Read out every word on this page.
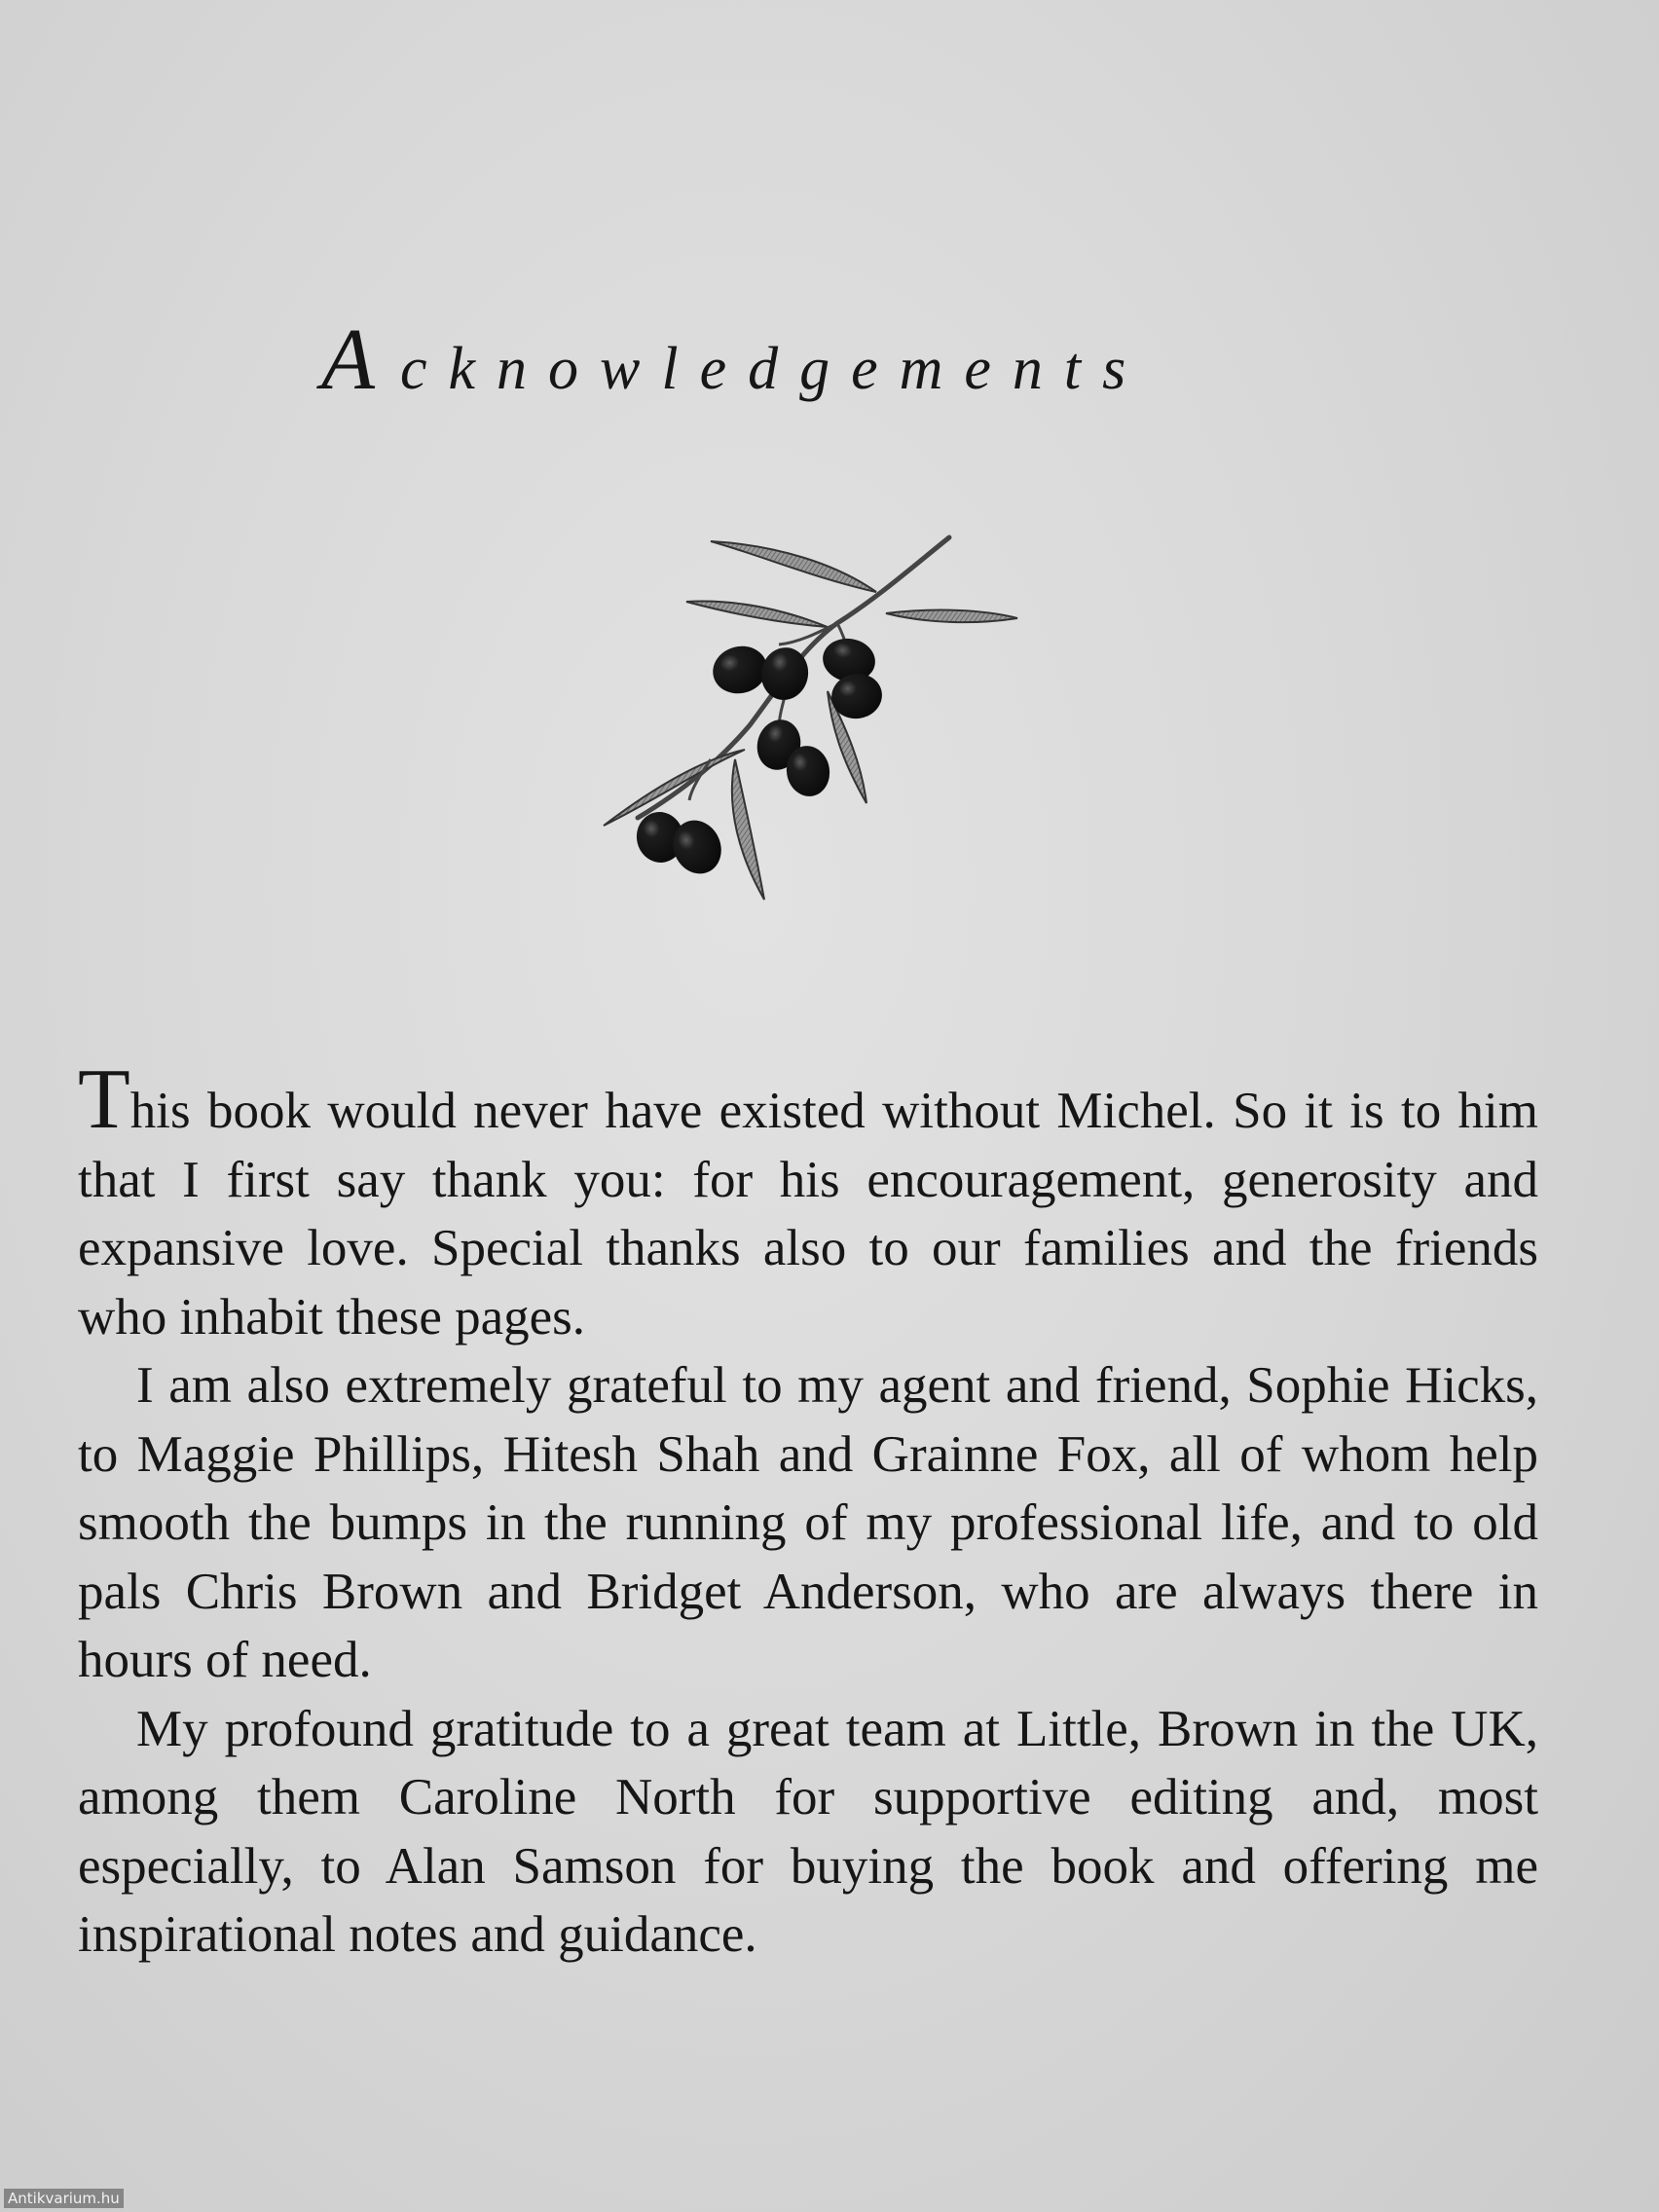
Acknowledgements

This book would never have existed without Michel. So it is to him that I first say thank you: for his encouragement, generosity and expansive love. Special thanks also to our families and the friends who inhabit these pages.

I am also extremely grateful to my agent and friend, Sophie Hicks, to Maggie Phillips, Hitesh Shah and Grainne Fox, all of whom help smooth the bumps in the running of my professional life, and to old pals Chris Brown and Bridget Anderson, who are always there in hours of need.

My profound gratitude to a great team at Little, Brown in the UK, among them Caroline North for supportive editing and, most especially, to Alan Samson for buying the book and offering me inspirational notes and guidance.

Antikvarium.hu
